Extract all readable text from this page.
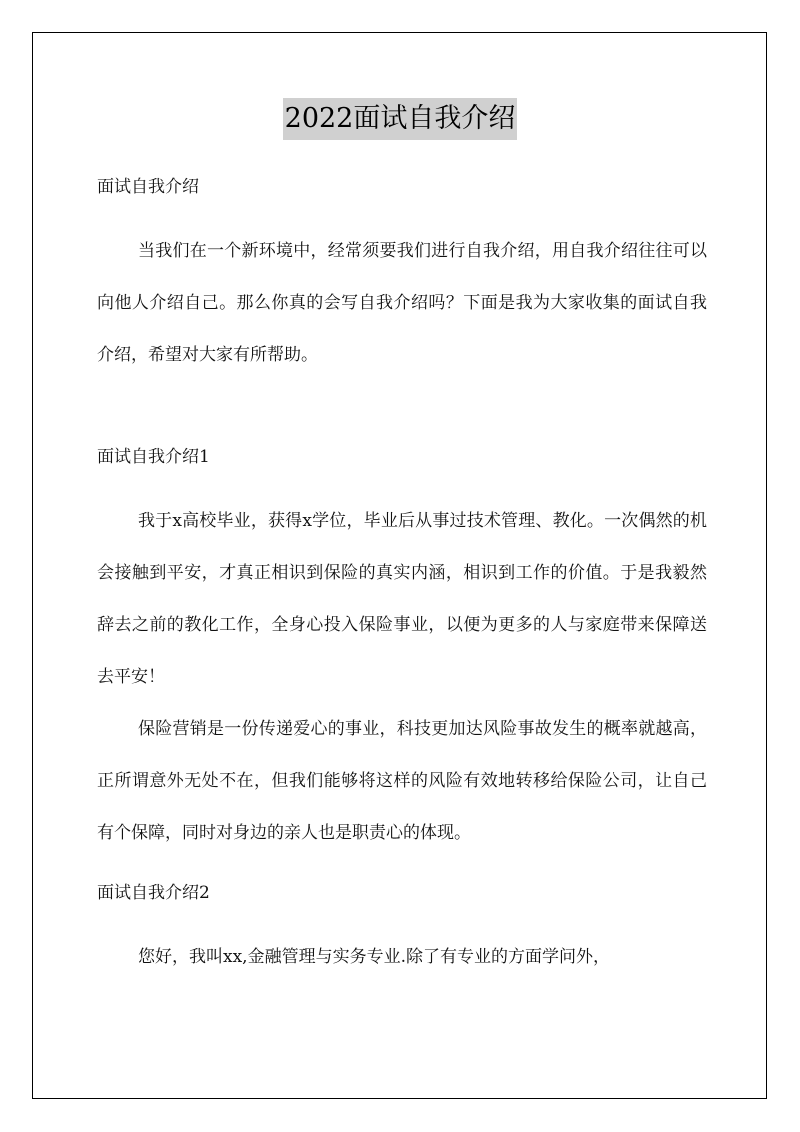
2022面试自我介绍

面试自我介绍

当我们在一个新环境中，经常须要我们进行自我介绍，用自我介绍往往可以向他人介绍自己。那么你真的会写自我介绍吗？下面是我为大家收集的面试自我介绍，希望对大家有所帮助。

面试自我介绍1

我于x高校毕业，获得x学位，毕业后从事过技术管理、教化。一次偶然的机会接触到平安，才真正相识到保险的真实内涵，相识到工作的价值。于是我毅然辞去之前的教化工作，全身心投入保险事业，以便为更多的人与家庭带来保障送去平安！

保险营销是一份传递爱心的事业，科技更加达风险事故发生的概率就越高，正所谓意外无处不在，但我们能够将这样的风险有效地转移给保险公司，让自己有个保障，同时对身边的亲人也是职责心的体现。

面试自我介绍2

您好，我叫xx,金融管理与实务专业.除了有专业的方面学问外，
